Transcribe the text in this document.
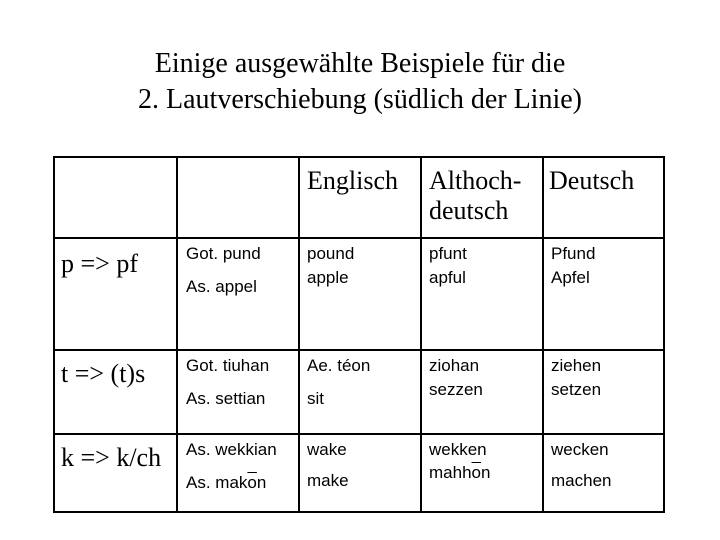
Einige ausgewählte Beispiele für die
2. Lautverschiebung (südlich der Linie)
Englisch Althoch-
deutsch
Deutsch
p => pf	Got. pund
As. appel
pound
apple
pfunt
apful
Pfund
Apfel
t => (t)s Got. tiuhan
As. settian
Ae. téon
sit
ziohan
sezzen
ziehen
setzen
k => k/ch As. wekkian
As. $mak\overline{o}n$
wake
make
wekken
$mahh\overline{o}n$
wecken
machen
